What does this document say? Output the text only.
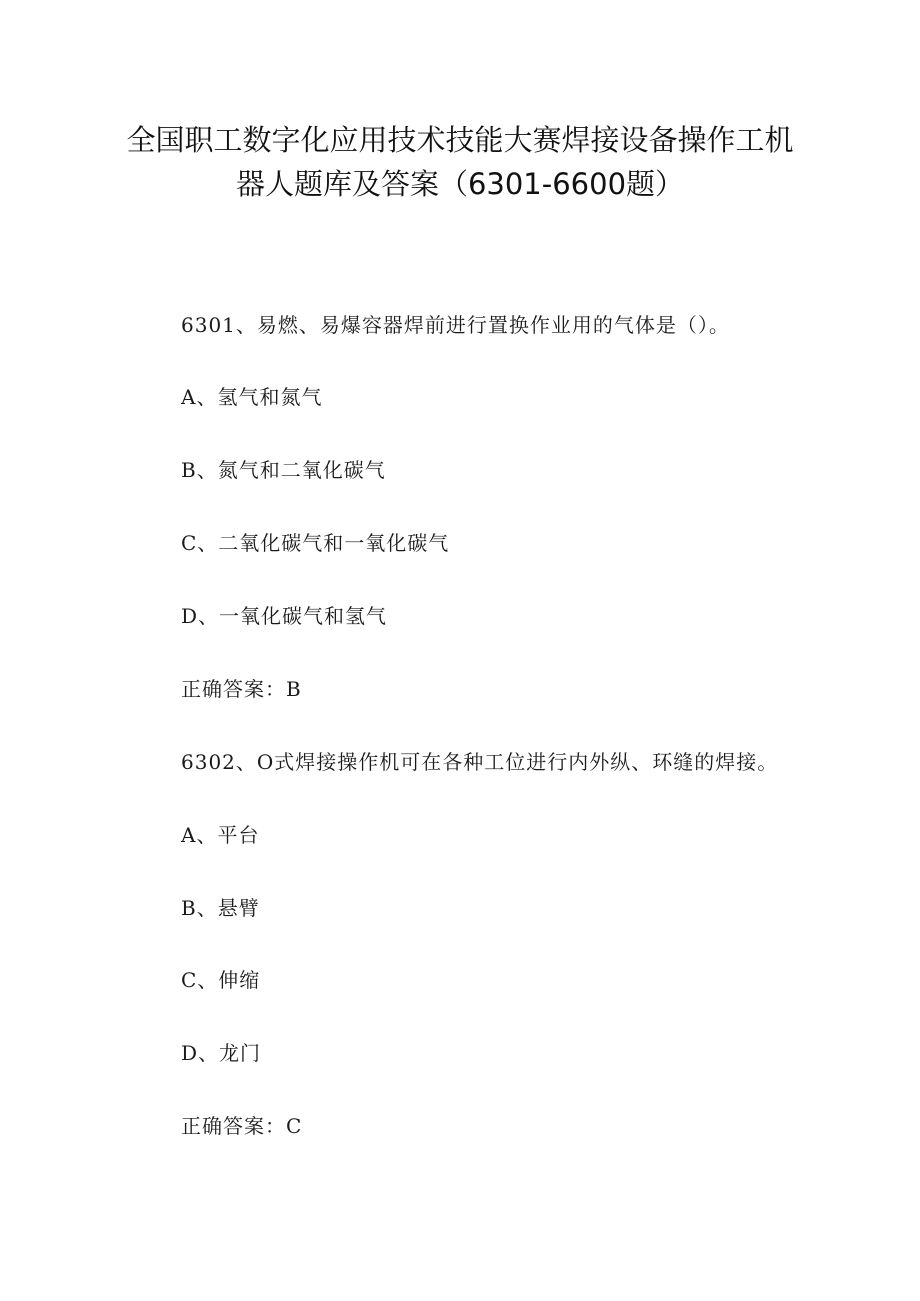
全国职工数字化应用技术技能大赛焊接设备操作工机
器人题库及答案（6301-6600题）
6301、易燃、易爆容器焊前进行置换作业用的气体是（）。
A、氢气和氮气
B、氮气和二氧化碳气
C、二氧化碳气和一氧化碳气
D、一氧化碳气和氢气
正确答案：B
6302、O式焊接操作机可在各种工位进行内外纵、环缝的焊接。
A、平台
B、悬臂
C、伸缩
D、龙门
正确答案：C
